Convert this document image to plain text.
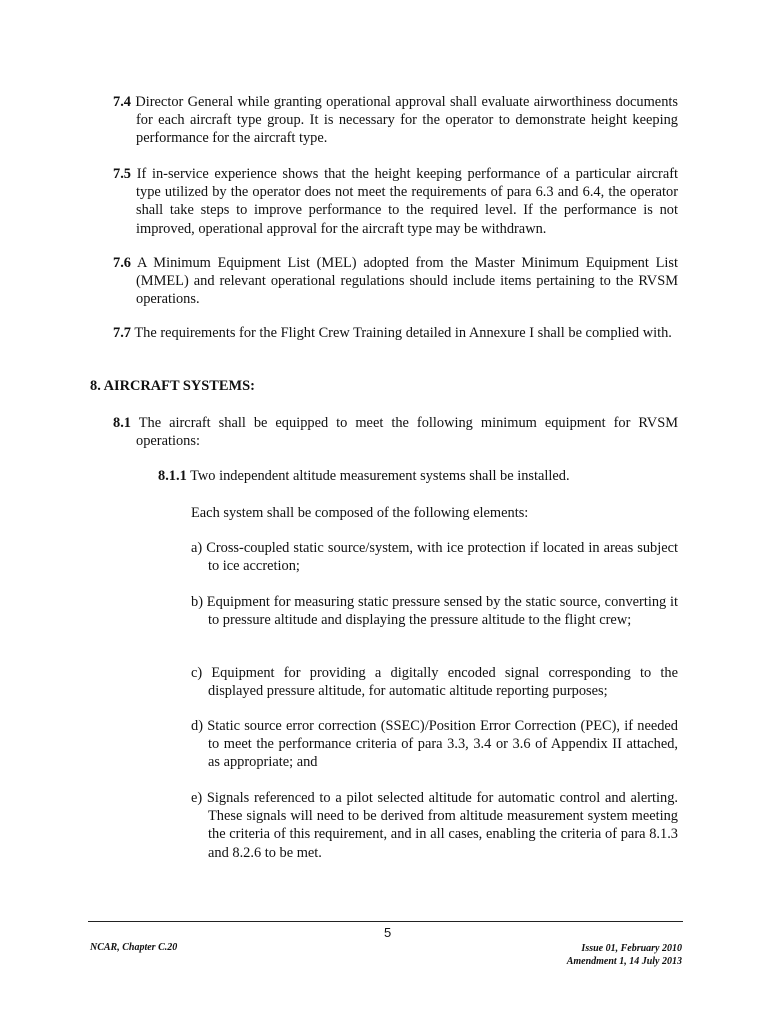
7.4 Director General while granting operational approval shall evaluate airworthiness documents for each aircraft type group. It is necessary for the operator to demonstrate height keeping performance for the aircraft type.
7.5 If in-service experience shows that the height keeping performance of a particular aircraft type utilized by the operator does not meet the requirements of para 6.3 and 6.4, the operator shall take steps to improve performance to the required level. If the performance is not improved, operational approval for the aircraft type may be withdrawn.
7.6 A Minimum Equipment List (MEL) adopted from the Master Minimum Equipment List (MMEL) and relevant operational regulations should include items pertaining to the RVSM operations.
7.7 The requirements for the Flight Crew Training detailed in Annexure I shall be complied with.
8. AIRCRAFT SYSTEMS:
8.1 The aircraft shall be equipped to meet the following minimum equipment for RVSM operations:
8.1.1 Two independent altitude measurement systems shall be installed.
Each system shall be composed of the following elements:
a) Cross-coupled static source/system, with ice protection if located in areas subject to ice accretion;
b) Equipment for measuring static pressure sensed by the static source, converting it to pressure altitude and displaying the pressure altitude to the flight crew;
c) Equipment for providing a digitally encoded signal corresponding to the displayed pressure altitude, for automatic altitude reporting purposes;
d) Static source error correction (SSEC)/Position Error Correction (PEC), if needed to meet the performance criteria of para 3.3, 3.4 or 3.6 of Appendix II attached, as appropriate; and
e) Signals referenced to a pilot selected altitude for automatic control and alerting. These signals will need to be derived from altitude measurement system meeting the criteria of this requirement, and in all cases, enabling the criteria of para 8.1.3 and 8.2.6 to be met.
5
NCAR, Chapter C.20	Issue 01, February 2010
Amendment 1, 14 July 2013
